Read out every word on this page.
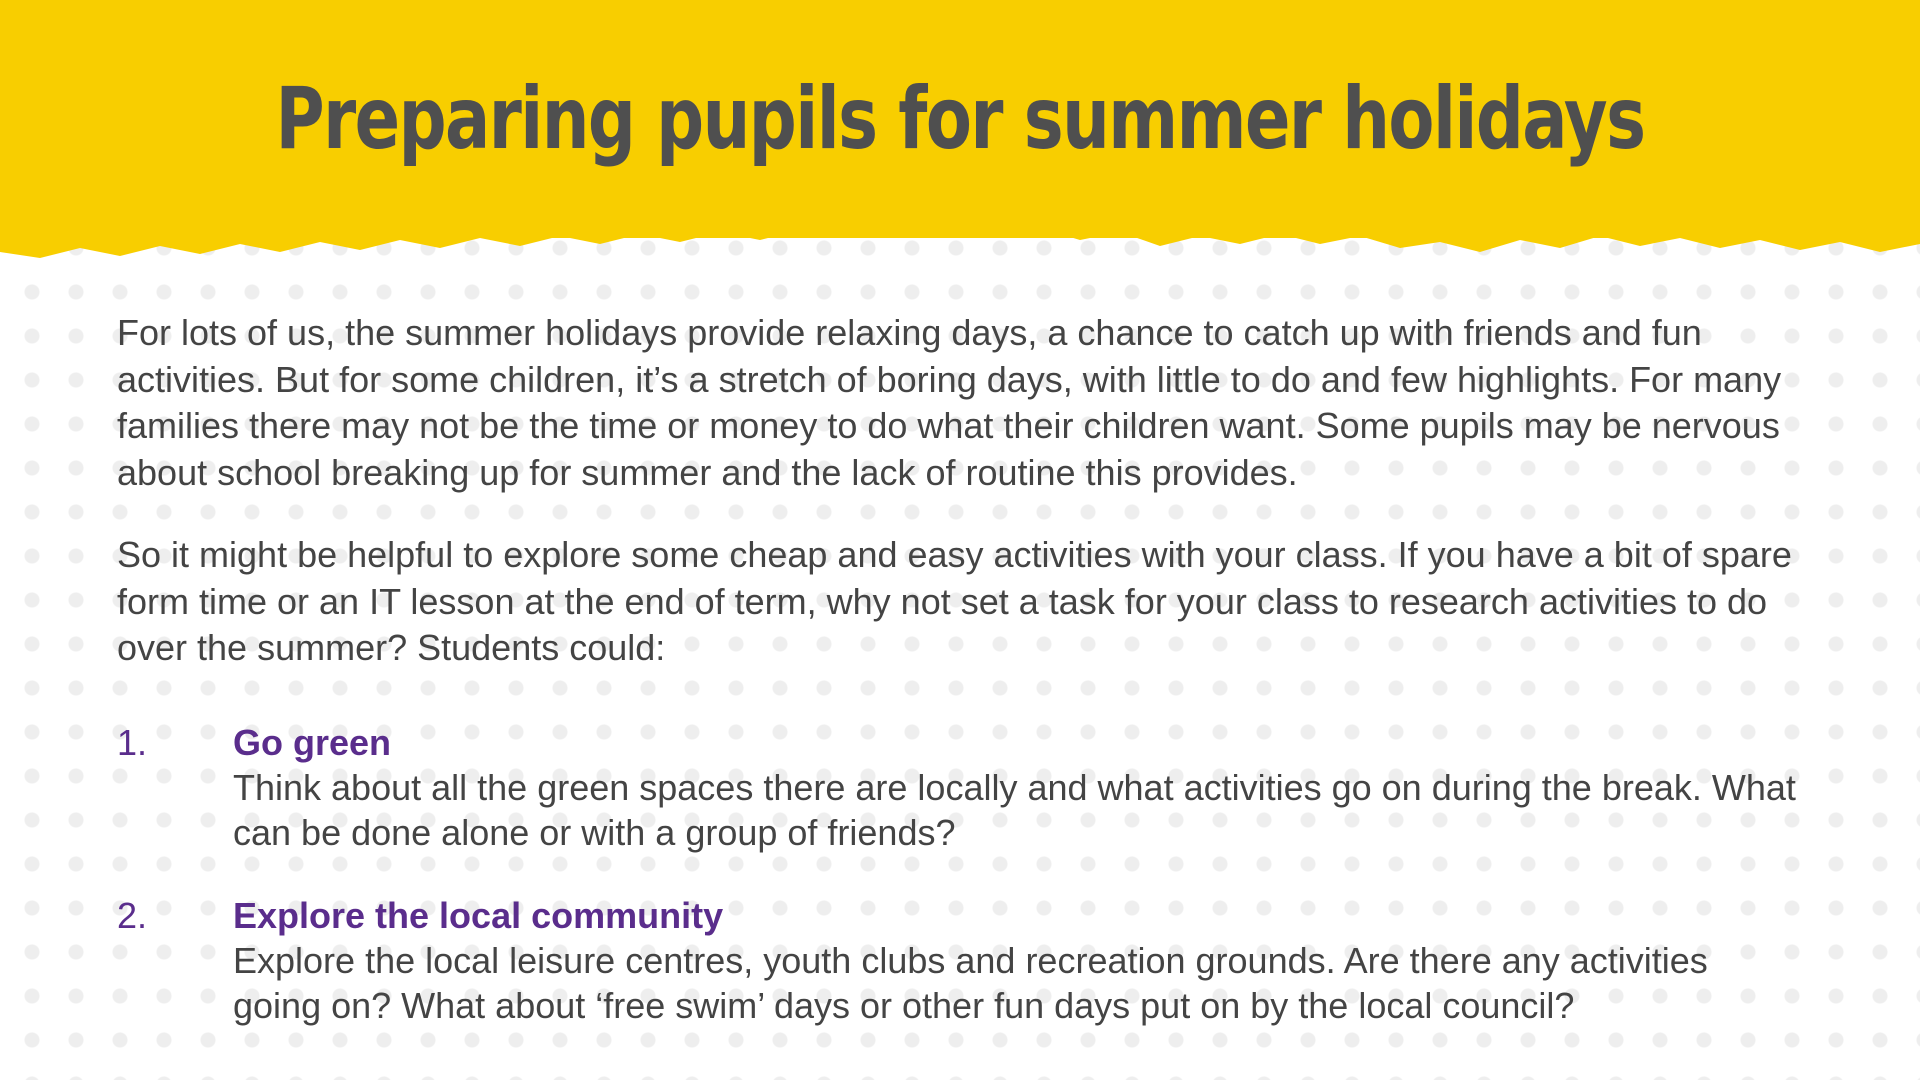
Preparing pupils for summer holidays

For lots of us, the summer holidays provide relaxing days, a chance to catch up with friends and fun activities. But for some children, it’s a stretch of boring days, with little to do and few highlights. For many families there may not be the time or money to do what their children want. Some pupils may be nervous about school breaking up for summer and the lack of routine this provides.

So it might be helpful to explore some cheap and easy activities with your class. If you have a bit of spare form time or an IT lesson at the end of term, why not set a task for your class to research activities to do over the summer? Students could:

1. Go green
Think about all the green spaces there are locally and what activities go on during the break. What can be done alone or with a group of friends?
2. Explore the local community
Explore the local leisure centres, youth clubs and recreation grounds. Are there any activities going on? What about ‘free swim’ days or other fun days put on by the local council?
